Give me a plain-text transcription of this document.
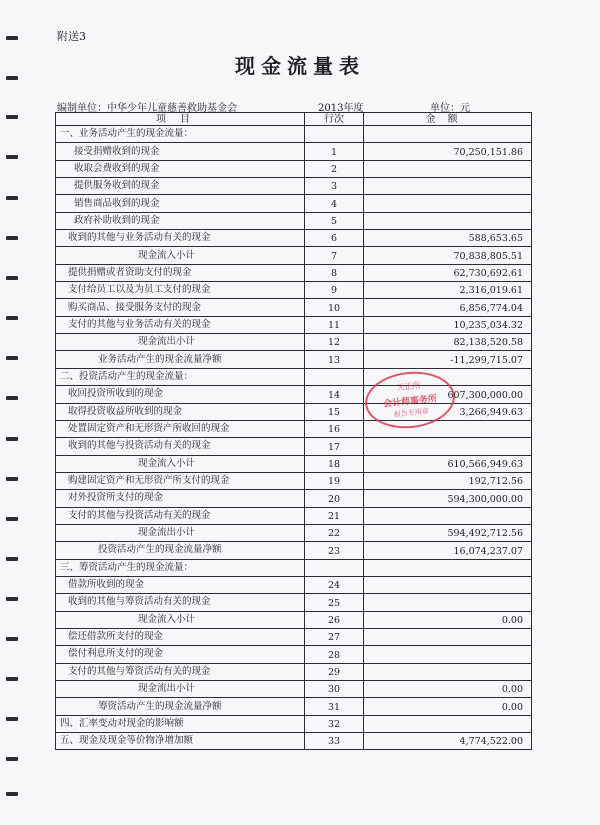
附送3
现金流量表
编制单位：中华少年儿童慈善救助基金会	2013年度	单位：元
项目	行次	金额
一、业务活动产生的现金流量：		
接受捐赠收到的现金	1	70,250,151.86
收取会费收到的现金	2	
提供服务收到的现金	3	
销售商品收到的现金	4	
政府补助收到的现金	5	
收到的其他与业务活动有关的现金	6	588,653.65
现金流入小计	7	70,838,805.51
提供捐赠或者资助支付的现金	8	62,730,692.61
支付给员工以及为员工支付的现金	9	2,316,019.61
购买商品、接受服务支付的现金	10	6,856,774.04
支付的其他与业务活动有关的现金	11	10,235,034.32
现金流出小计	12	82,138,520.58
业务活动产生的现金流量净额	13	-11,299,715.07
二、投资活动产生的现金流量：		
收回投资所收到的现金	14	607,300,000.00
取得投资收益所收到的现金	15	3,266,949.63
处置固定资产和无形资产所收回的现金	16	
收到的其他与投资活动有关的现金	17	
现金流入小计	18	610,566,949.63
购建固定资产和无形资产所支付的现金	19	192,712.56
对外投资所支付的现金	20	594,300,000.00
支付的其他与投资活动有关的现金	21	
现金流出小计	22	594,492,712.56
投资活动产生的现金流量净额	23	16,074,237.07
三、筹资活动产生的现金流量：		
借款所收到的现金	24	
收到的其他与筹资活动有关的现金	25	
现金流入小计	26	0.00
偿还借款所支付的现金	27	
偿付利息所支付的现金	28	
支付的其他与筹资活动有关的现金	29	
现金流出小计	30	0.00
筹资活动产生的现金流量净额	31	0.00
四、汇率变动对现金的影响额	32	
五、现金及现金等价物净增加额	33	4,774,522.00
天正所
会计师事务所
报告专用章
